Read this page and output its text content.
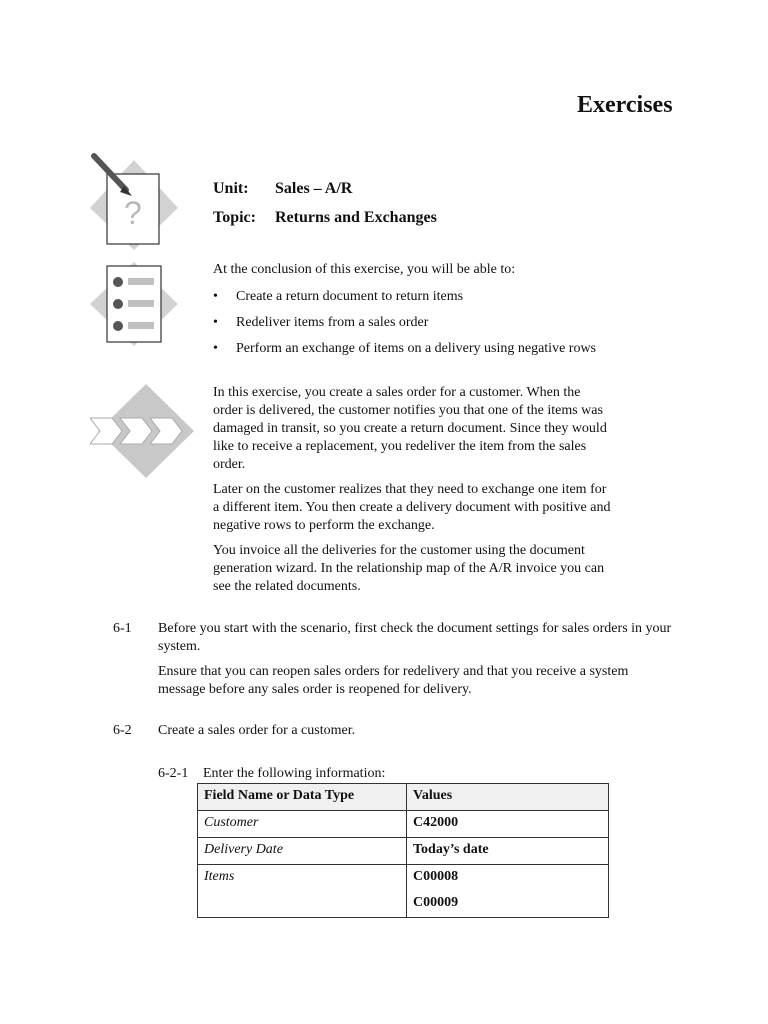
Exercises
?
Unit: Sales – A/R
Topic: Returns and Exchanges
At the conclusion of this exercise, you will be able to:
• Create a return document to return items
• Redeliver items from a sales order
• Perform an exchange of items on a delivery using negative rows
In this exercise, you create a sales order for a customer. When the order is delivered, the customer notifies you that one of the items was damaged in transit, so you create a return document. Since they would like to receive a replacement, you redeliver the item from the sales order.
Later on the customer realizes that they need to exchange one item for a different item. You then create a delivery document with positive and negative rows to perform the exchange.
You invoice all the deliveries for the customer using the document generation wizard. In the relationship map of the A/R invoice you can see the related documents.
6-1 Before you start with the scenario, first check the document settings for sales orders in your system.
Ensure that you can reopen sales orders for redelivery and that you receive a system message before any sales order is reopened for delivery.
6-2 Create a sales order for a customer.
6-2-1 Enter the following information:
Field Name or Data Type	Values
Customer	C42000
Delivery Date	Today’s date
Items	C00008
C00009
